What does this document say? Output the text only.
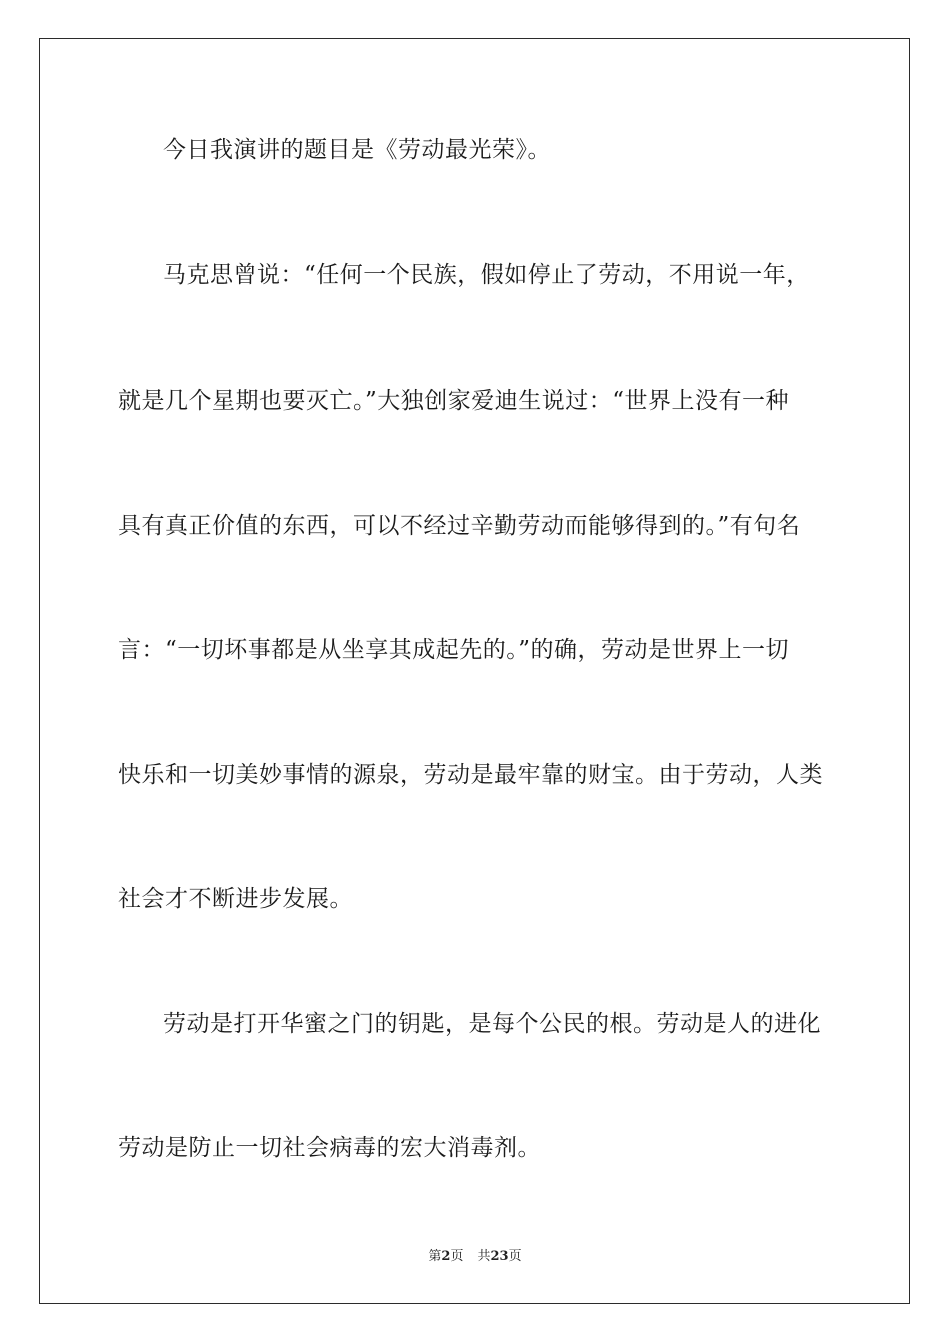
今日我演讲的题目是《劳动最光荣》。
马克思曾说：“任何一个民族，假如停止了劳动，不用说一年，
就是几个星期也要灭亡。”大独创家爱迪生说过：“世界上没有一种
具有真正价值的东西，可以不经过辛勤劳动而能够得到的。”有句名
言：“一切坏事都是从坐享其成起先的。”的确，劳动是世界上一切
快乐和一切美妙事情的源泉，劳动是最牢靠的财宝。由于劳动，人类
社会才不断进步发展。
劳动是打开华蜜之门的钥匙，是每个公民的根。劳动是人的进化
劳动是防止一切社会病毒的宏大消毒剂。
第2页 共23页
